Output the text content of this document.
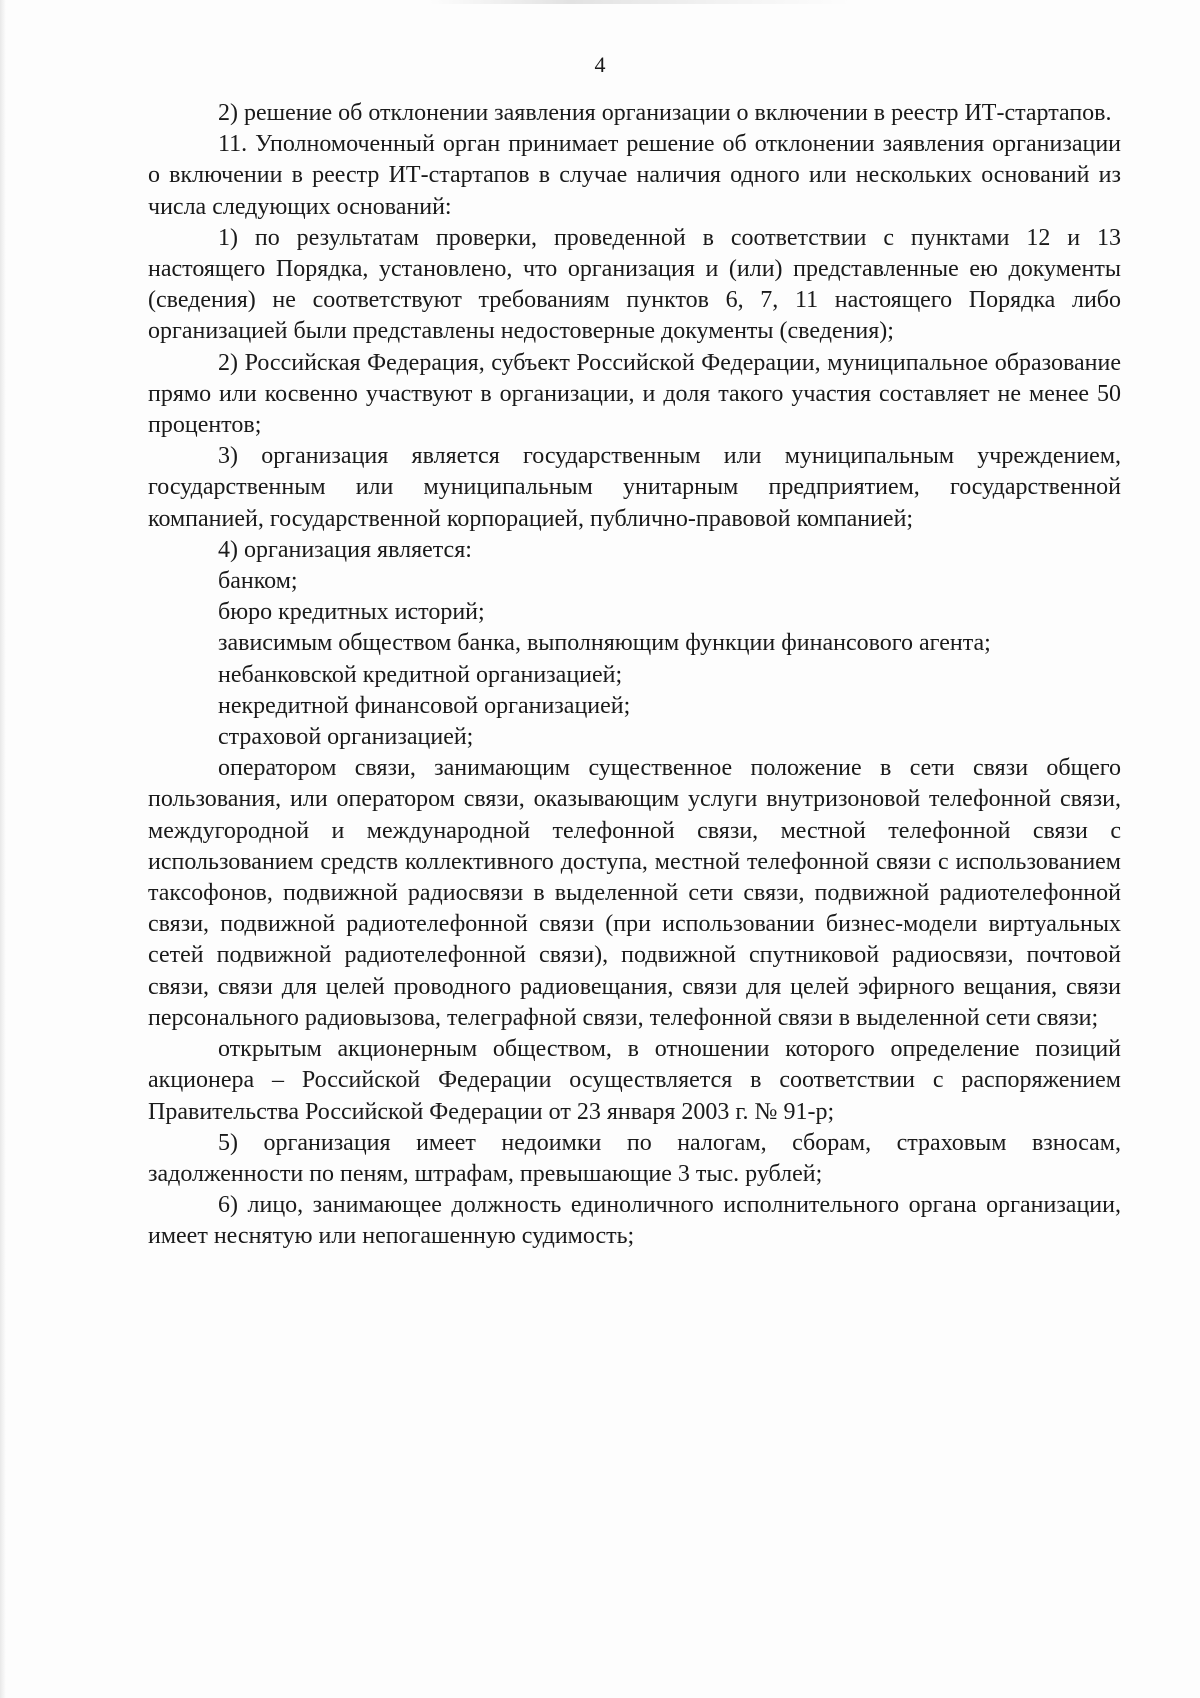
4

2) решение об отклонении заявления организации о включении в реестр ИТ-стартапов.

11. Уполномоченный орган принимает решение об отклонении заявления организации о включении в реестр ИТ-стартапов в случае наличия одного или нескольких оснований из числа следующих оснований:

1) по результатам проверки, проведенной в соответствии с пунктами 12 и 13 настоящего Порядка, установлено, что организация и (или) представленные ею документы (сведения) не соответствуют требованиям пунктов 6, 7, 11 настоящего Порядка либо организацией были представлены недостоверные документы (сведения);

2) Российская Федерация, субъект Российской Федерации, муниципальное образование прямо или косвенно участвуют в организации, и доля такого участия составляет не менее 50 процентов;

3) организация является государственным или муниципальным учреждением, государственным или муниципальным унитарным предприятием, государственной компанией, государственной корпорацией, публично-правовой компанией;

4) организация является:

банком;

бюро кредитных историй;

зависимым обществом банка, выполняющим функции финансового агента;

небанковской кредитной организацией;

некредитной финансовой организацией;

страховой организацией;

оператором связи, занимающим существенное положение в сети связи общего пользования, или оператором связи, оказывающим услуги внутризоновой телефонной связи, междугородной и международной телефонной связи, местной телефонной связи с использованием средств коллективного доступа, местной телефонной связи с использованием таксофонов, подвижной радиосвязи в выделенной сети связи, подвижной радиотелефонной связи, подвижной радиотелефонной связи (при использовании бизнес-модели виртуальных сетей подвижной радиотелефонной связи), подвижной спутниковой радиосвязи, почтовой связи, связи для целей проводного радиовещания, связи для целей эфирного вещания, связи персонального радиовызова, телеграфной связи, телефонной связи в выделенной сети связи;

открытым акционерным обществом, в отношении которого определение позиций акционера – Российской Федерации осуществляется в соответствии с распоряжением Правительства Российской Федерации от 23 января 2003 г. № 91-р;

5) организация имеет недоимки по налогам, сборам, страховым взносам, задолженности по пеням, штрафам, превышающие 3 тыс. рублей;

6) лицо, занимающее должность единоличного исполнительного органа организации, имеет неснятую или непогашенную судимость;
